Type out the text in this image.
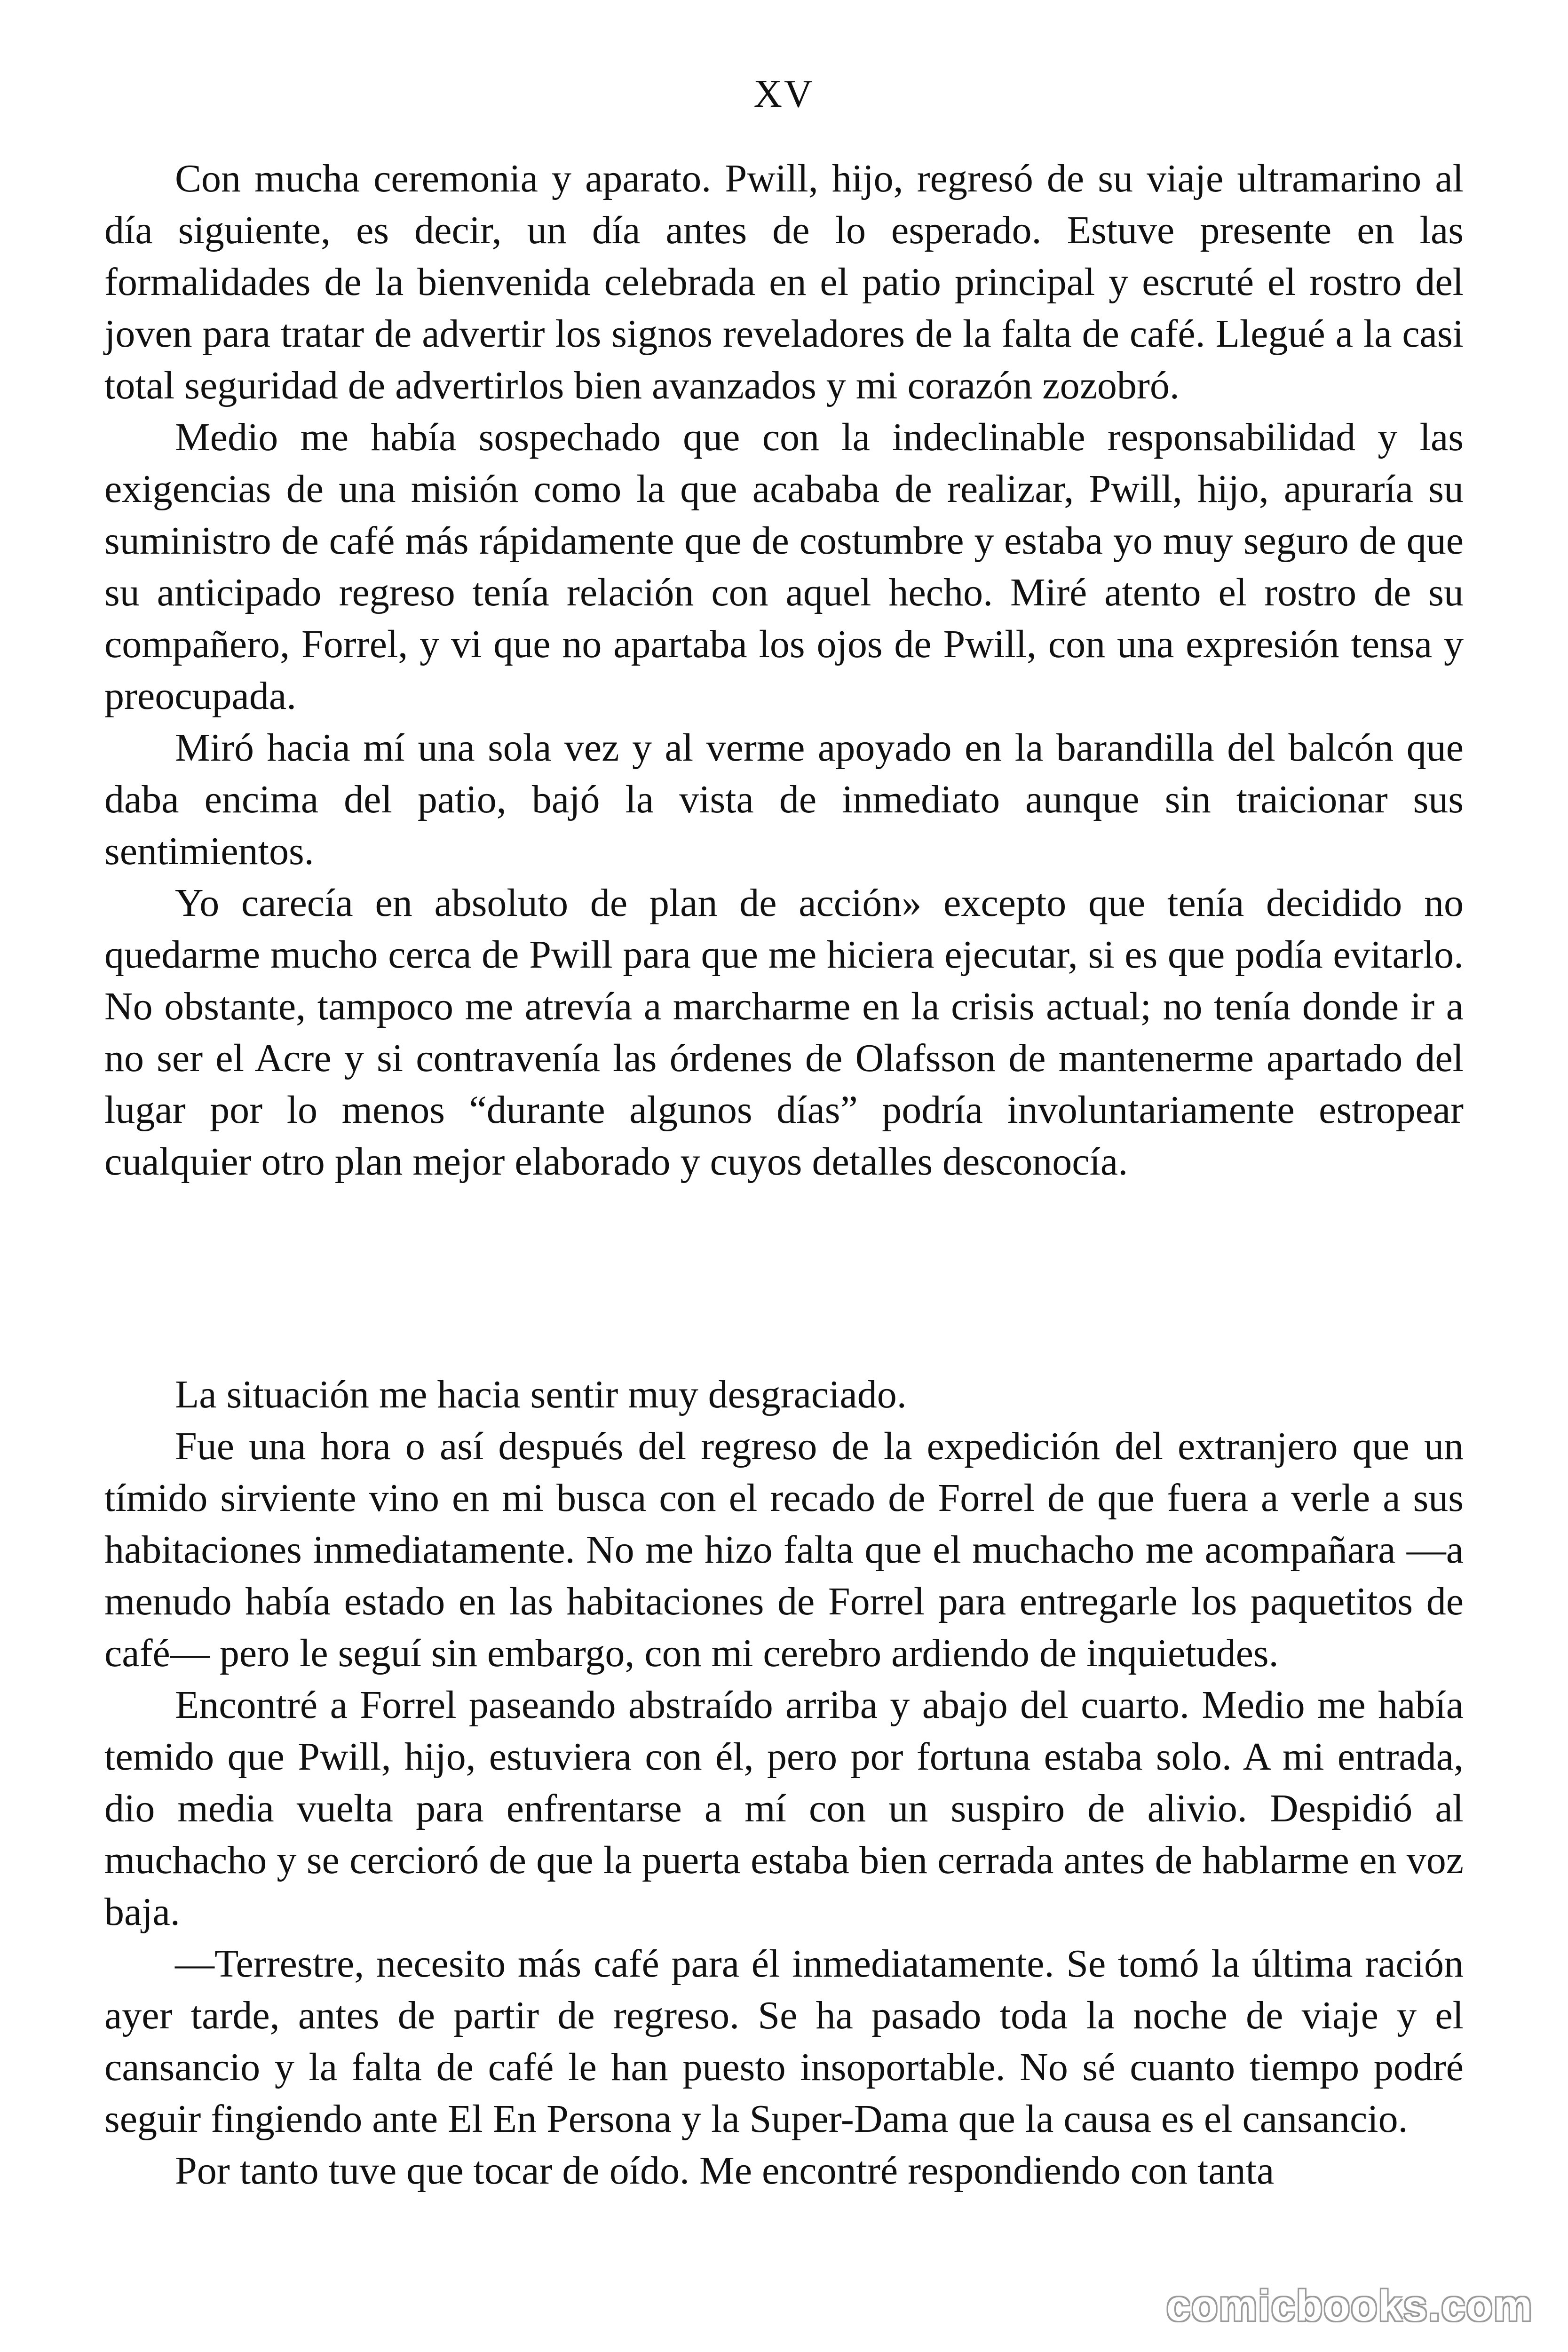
XV

Con mucha ceremonia y aparato. Pwill, hijo, regresó de su viaje ultramarino al día siguiente, es decir, un día antes de lo esperado. Estuve presente en las formalidades de la bienvenida celebrada en el patio principal y escruté el rostro del joven para tratar de advertir los signos reveladores de la falta de café. Llegué a la casi total seguridad de advertirlos bien avanzados y mi corazón zozobró.

Medio me había sospechado que con la indeclinable responsabilidad y las exigencias de una misión como la que acababa de realizar, Pwill, hijo, apuraría su suministro de café más rápidamente que de costumbre y estaba yo muy seguro de que su anticipado regreso tenía relación con aquel hecho. Miré atento el rostro de su compañero, Forrel, y vi que no apartaba los ojos de Pwill, con una expresión tensa y preocupada.

Miró hacia mí una sola vez y al verme apoyado en la barandilla del balcón que daba encima del patio, bajó la vista de inmediato aunque sin traicionar sus sentimientos.

Yo carecía en absoluto de plan de acción» excepto que tenía decidido no quedarme mucho cerca de Pwill para que me hiciera ejecutar, si es que podía evitarlo. No obstante, tampoco me atrevía a marcharme en la crisis actual; no tenía donde ir a no ser el Acre y si contravenía las órdenes de Olafsson de mantenerme apartado del lugar por lo menos “durante algunos días” podría involuntariamente estropear cualquier otro plan mejor elaborado y cuyos detalles desconocía.

La situación me hacia sentir muy desgraciado.

Fue una hora o así después del regreso de la expedición del extranjero que un tímido sirviente vino en mi busca con el recado de Forrel de que fuera a verle a sus habitaciones inmediatamente. No me hizo falta que el muchacho me acompañara —a menudo había estado en las habitaciones de Forrel para entregarle los paquetitos de café— pero le seguí sin embargo, con mi cerebro ardiendo de inquietudes.

Encontré a Forrel paseando abstraído arriba y abajo del cuarto. Medio me había temido que Pwill, hijo, estuviera con él, pero por fortuna estaba solo. A mi entrada, dio media vuelta para enfrentarse a mí con un suspiro de alivio. Despidió al muchacho y se cercioró de que la puerta estaba bien cerrada antes de hablarme en voz baja.

—Terrestre, necesito más café para él inmediatamente. Se tomó la última ración ayer tarde, antes de partir de regreso. Se ha pasado toda la noche de viaje y el cansancio y la falta de café le han puesto insoportable. No sé cuanto tiempo podré seguir fingiendo ante El En Persona y la Super-Dama que la causa es el cansancio.

Por tanto tuve que tocar de oído. Me encontré respondiendo con tanta

comicbooks.com
